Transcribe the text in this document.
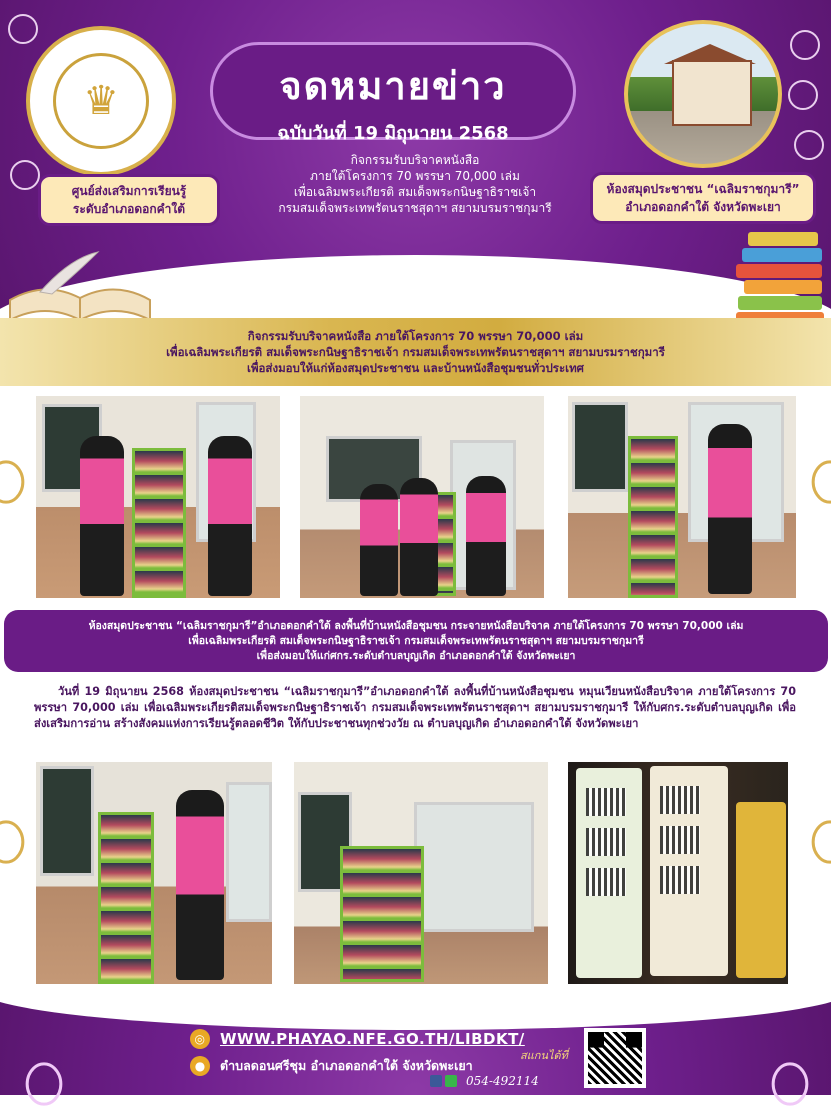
♛	จดหมายข่าว
ฉบับวันที่ 19 มิถุนายน 2568
กิจกรรมรับบริจาคหนังสือ
ภายใต้โครงการ 70 พรรษา 70,000 เล่ม
เพื่อเฉลิมพระเกียรติ สมเด็จพระกนิษฐาธิราชเจ้า
กรมสมเด็จพระเทพรัตนราชสุดาฯ สยามบรมราชกุมารี
ศูนย์ส่งเสริมการเรียนรู้
ระดับอำเภอดอกคำใต้
ห้องสมุดประชาชน “เฉลิมราชกุมารี”
อำเภอดอกคำใต้ จังหวัดพะเยา
กิจกรรมรับบริจาคหนังสือ ภายใต้โครงการ 70 พรรษา 70,000 เล่ม
เพื่อเฉลิมพระเกียรติ สมเด็จพระกนิษฐาธิราชเจ้า กรมสมเด็จพระเทพรัตนราชสุดาฯ สยามบรมราชกุมารี
เพื่อส่งมอบให้แก่ห้องสมุดประชาชน และบ้านหนังสือชุมชนทั่วประเทศ
ห้องสมุดประชาชน “เฉลิมราชกุมารี”อำเภอดอกคำใต้ ลงพื้นที่บ้านหนังสือชุมชน กระจายหนังสือบริจาค ภายใต้โครงการ 70 พรรษา 70,000 เล่ม
เพื่อเฉลิมพระเกียรติ สมเด็จพระกนิษฐาธิราชเจ้า กรมสมเด็จพระเทพรัตนราชสุดาฯ สยามบรมราชกุมารี
เพื่อส่งมอบให้แก่ศกร.ระดับตำบลบุญเกิด อำเภอดอกคำใต้ จังหวัดพะเยา
วันที่ 19 มิถุนายน 2568 ห้องสมุดประชาชน “เฉลิมราชกุมารี”อำเภอดอกคำใต้ ลงพื้นที่บ้านหนังสือชุมชน หมุนเวียนหนังสือบริจาค ภายใต้โครงการ 70 พรรษา 70,000 เล่ม เพื่อเฉลิมพระเกียรติสมเด็จพระกนิษฐาธิราชเจ้า กรมสมเด็จพระเทพรัตนราชสุดาฯ สยามบรมราชกุมารี ให้กับศกร.ระดับตำบลบุญเกิด เพื่อส่งเสริมการอ่าน สร้างสังคมแห่งการเรียนรู้ตลอดชีวิต ให้กับประชาชนทุกช่วงวัย ณ ตำบลบุญเกิด อำเภอดอกคำใต้ จังหวัดพะเยา
◎ WWW.PHAYAO.NFE.GO.TH/LIBDKT/
●	ตำบลดอนศรีชุม อำเภอดอกคำใต้ จังหวัดพะเยา
สแกนได้ที่
054-492114
